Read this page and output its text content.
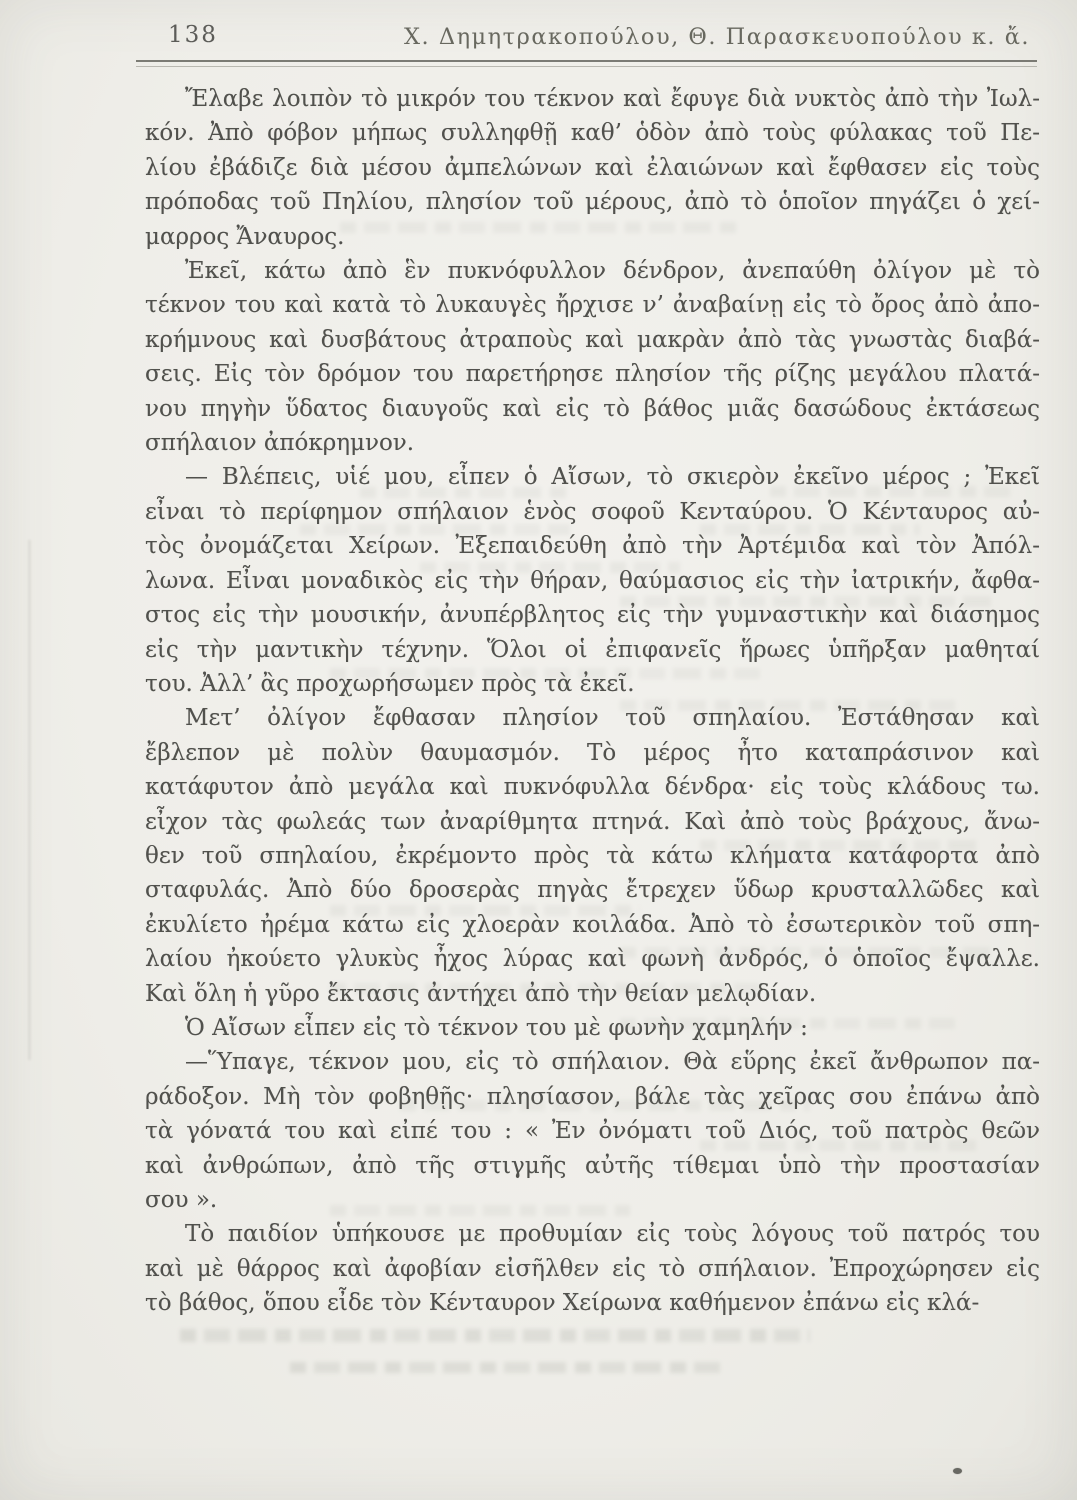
138	Χ. Δημητρακοπούλου, Θ. Παρασκευοπούλου κ. ἄ.

Ἔλαβε λοιπὸν τὸ μικρόν του τέκνον καὶ ἔφυγε διὰ νυκτὸς ἀπὸ τὴν Ἰωλ-
κόν. Ἀπὸ φόβον μήπως συλληφθῇ καθ’ ὁδὸν ἀπὸ τοὺς φύλακας τοῦ Πε-
λίου ἐβάδιζε διὰ μέσου ἀμπελώνων καὶ ἐλαιώνων καὶ ἔφθασεν εἰς τοὺς
πρόποδας τοῦ Πηλίου, πλησίον τοῦ μέρους, ἀπὸ τὸ ὁποῖον πηγάζει ὁ χεί-
μαρρος Ἄναυρος.

Ἐκεῖ, κάτω ἀπὸ ἓν πυκνόφυλλον δένδρον, ἀνεπαύθη ὀλίγον μὲ τὸ
τέκνον του καὶ κατὰ τὸ λυκαυγὲς ἤρχισε ν’ ἀναβαίνῃ εἰς τὸ ὄρος ἀπὸ ἀπο-
κρήμνους καὶ δυσβάτους ἀτραποὺς καὶ μακρὰν ἀπὸ τὰς γνωστὰς διαβά-
σεις. Εἰς τὸν δρόμον του παρετήρησε πλησίον τῆς ρίζης μεγάλου πλατά-
νου πηγὴν ὕδατος διαυγοῦς καὶ εἰς τὸ βάθος μιᾶς δασώδους ἐκτάσεως
σπήλαιον ἀπόκρημνον.

— Βλέπεις, υἱέ μου, εἶπεν ὁ Αἴσων, τὸ σκιερὸν ἐκεῖνο μέρος ; Ἐκεῖ
εἶναι τὸ περίφημον σπήλαιον ἑνὸς σοφοῦ Κενταύρου. Ὁ Κένταυρος αὐ-
τὸς ὀνομάζεται Χείρων. Ἐξεπαιδεύθη ἀπὸ τὴν Ἀρτέμιδα καὶ τὸν Ἀπόλ-
λωνα. Εἶναι μοναδικὸς εἰς τὴν θήραν, θαύμασιος εἰς τὴν ἰατρικήν, ἄφθα-
στος εἰς τὴν μουσικήν, ἀνυπέρβλητος εἰς τὴν γυμναστικὴν καὶ διάσημος
εἰς τὴν μαντικὴν τέχνην. Ὅλοι οἱ ἐπιφανεῖς ἥρωες ὑπῆρξαν μαθηταί
του. Ἀλλ’ ἂς προχωρήσωμεν πρὸς τὰ ἐκεῖ.

Μετ’ ὀλίγον ἔφθασαν πλησίον τοῦ σπηλαίου. Ἐστάθησαν καὶ
ἔβλεπον μὲ πολὺν θαυμασμόν. Τὸ μέρος ἦτο καταπράσινον καὶ
κατάφυτον ἀπὸ μεγάλα καὶ πυκνόφυλλα δένδρα· εἰς τοὺς κλάδους τω.
εἶχον τὰς φωλεάς των ἀναρίθμητα πτηνά. Καὶ ἀπὸ τοὺς βράχους, ἄνω-
θεν τοῦ σπηλαίου, ἐκρέμοντο πρὸς τὰ κάτω κλήματα κατάφορτα ἀπὸ
σταφυλάς. Ἀπὸ δύο δροσερὰς πηγὰς ἔτρεχεν ὕδωρ κρυσταλλῶδες καὶ
ἐκυλίετο ἠρέμα κάτω εἰς χλοερὰν κοιλάδα. Ἀπὸ τὸ ἐσωτερικὸν τοῦ σπη-
λαίου ἠκούετο γλυκὺς ἦχος λύρας καὶ φωνὴ ἀνδρός, ὁ ὁποῖος ἔψαλλε.
Καὶ ὅλη ἡ γῦρο ἔκτασις ἀντήχει ἀπὸ τὴν θείαν μελῳδίαν.

Ὁ Αἴσων εἶπεν εἰς τὸ τέκνον του μὲ φωνὴν χαμηλήν :

—Ὕπαγε, τέκνον μου, εἰς τὸ σπήλαιον. Θὰ εὕρης ἐκεῖ ἄνθρωπον πα-
ράδοξον. Μὴ τὸν φοβηθῇς· πλησίασον, βάλε τὰς χεῖρας σου ἐπάνω ἀπὸ
τὰ γόνατά του καὶ εἰπέ του : « Ἐν ὀνόματι τοῦ Διός, τοῦ πατρὸς θεῶν
καὶ ἀνθρώπων, ἀπὸ τῆς στιγμῆς αὐτῆς τίθεμαι ὑπὸ τὴν προστασίαν
σου ».

Τὸ παιδίον ὑπήκουσε με προθυμίαν εἰς τοὺς λόγους τοῦ πατρός του
καὶ μὲ θάρρος καὶ ἀφοβίαν εἰσῆλθεν εἰς τὸ σπήλαιον. Ἐπροχώρησεν εἰς
τὸ βάθος, ὅπου εἶδε τὸν Κένταυρον Χείρωνα καθήμενον ἐπάνω εἰς κλά-
